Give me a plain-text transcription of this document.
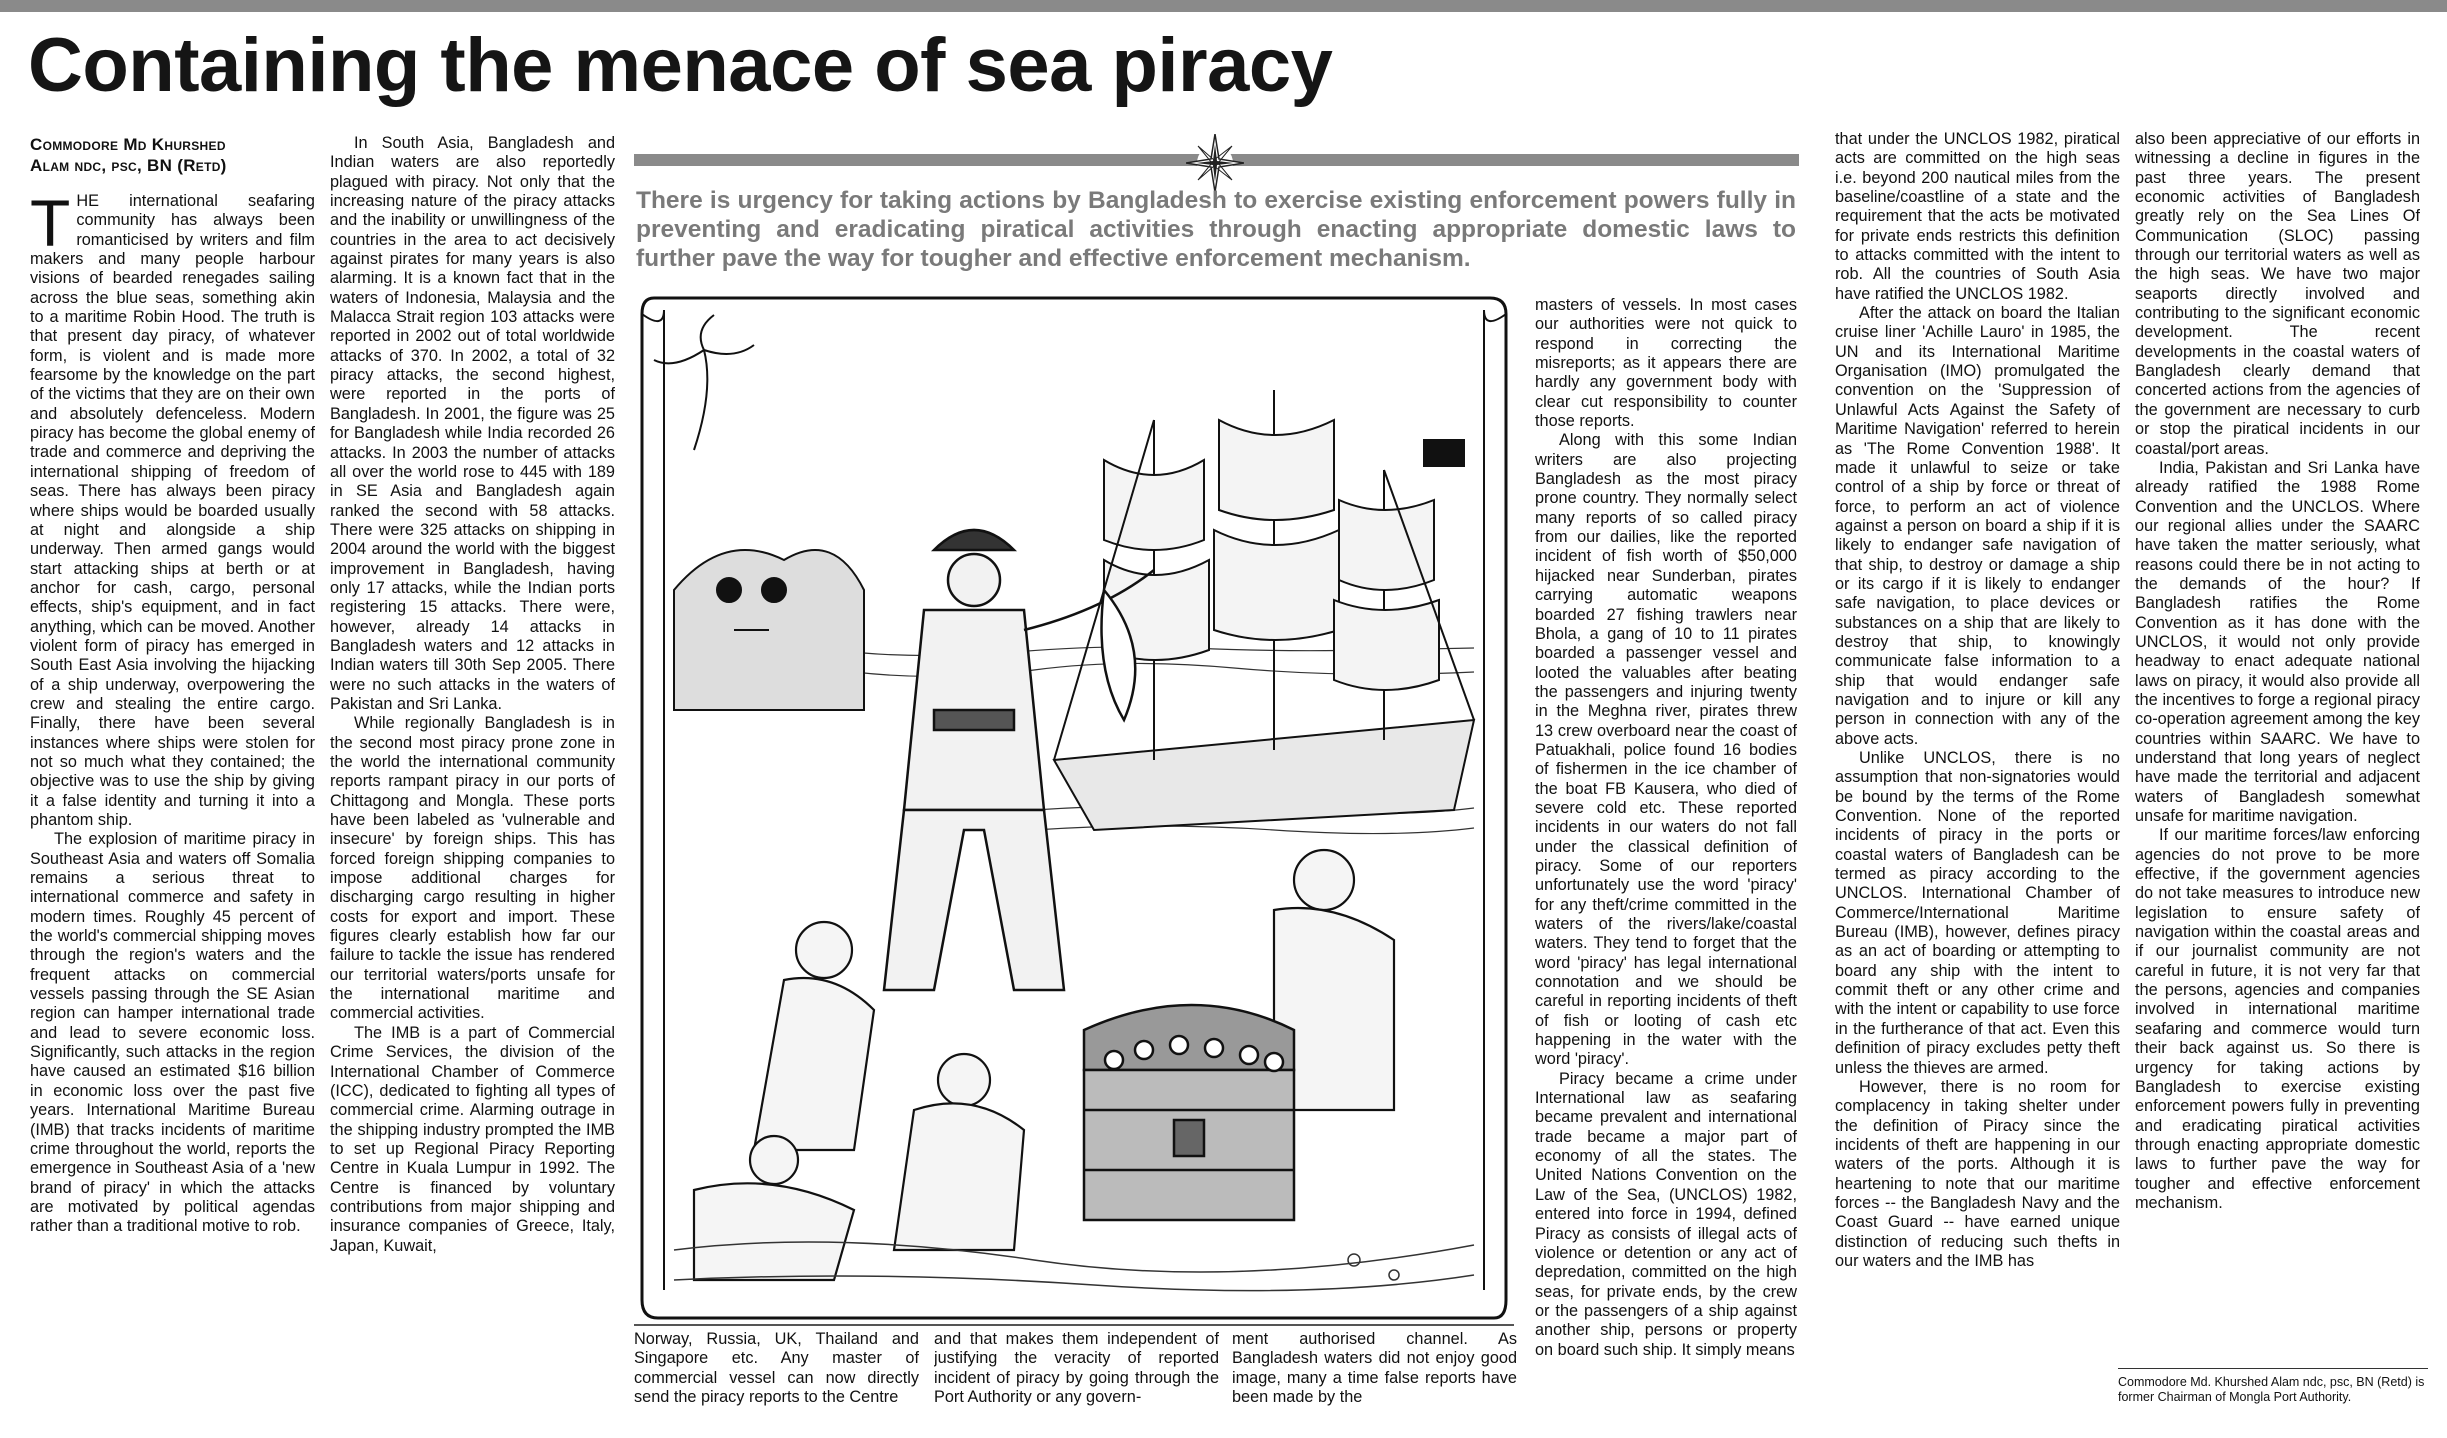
Containing the menace of sea piracy
Commodore Md Khurshed
Alam ndc, psc, BN (Retd)
T HE international seafaring community has always been romanticised by writers and film makers and many people harbour visions of bearded renegades sailing across the blue seas, something akin to a maritime Robin Hood. The truth is that present day piracy, of whatever form, is violent and is made more fearsome by the knowledge on the part of the victims that they are on their own and absolutely defenceless. Modern piracy has become the global enemy of trade and commerce and depriving the international shipping of freedom of seas. There has always been piracy where ships would be boarded usually at night and alongside a ship underway. Then armed gangs would start attacking ships at berth or at anchor for cash, cargo, personal effects, ship's equipment, and in fact anything, which can be moved. Another violent form of piracy has emerged in South East Asia involving the hijacking of a ship underway, overpowering the crew and stealing the entire cargo. Finally, there have been several instances where ships were stolen for not so much what they contained; the objective was to use the ship by giving it a false identity and turning it into a phantom ship.

The explosion of maritime piracy in Southeast Asia and waters off Somalia remains a serious threat to international commerce and safety in modern times. Roughly 45 percent of the world's commercial shipping moves through the region's waters and the frequent attacks on commercial vessels passing through the SE Asian region can hamper international trade and lead to severe economic loss. Significantly, such attacks in the region have caused an estimated $16 billion in economic loss over the past five years. International Maritime Bureau (IMB) that tracks incidents of maritime crime throughout the world, reports the emergence in Southeast Asia of a 'new brand of piracy' in which the attacks are motivated by political agendas rather than a traditional motive to rob.

In South Asia, Bangladesh and Indian waters are also reportedly plagued with piracy. Not only that the increasing nature of the piracy attacks and the inability or unwillingness of the countries in the area to act decisively against pirates for many years is also alarming. It is a known fact that in the waters of Indonesia, Malaysia and the Malacca Strait region 103 attacks were reported in 2002 out of total worldwide attacks of 370. In 2002, a total of 32 piracy attacks, the second highest, were reported in the ports of Bangladesh. In 2001, the figure was 25 for Bangladesh while India recorded 26 attacks. In 2003 the number of attacks all over the world rose to 445 with 189 in SE Asia and Bangladesh again ranked the second with 58 attacks. There were 325 attacks on shipping in 2004 around the world with the biggest improvement in Bangladesh, having only 17 attacks, while the Indian ports registering 15 attacks. There were, however, already 14 attacks in Bangladesh waters and 12 attacks in Indian waters till 30th Sep 2005. There were no such attacks in the waters of Pakistan and Sri Lanka.

While regionally Bangladesh is in the second most piracy prone zone in the world the international community reports rampant piracy in our ports of Chittagong and Mongla. These ports have been labeled as 'vulnerable and insecure' by foreign ships. This has forced foreign shipping companies to impose additional charges for discharging cargo resulting in higher costs for export and import. These figures clearly establish how far our failure to tackle the issue has rendered our territorial waters/ports unsafe for the international maritime and commercial activities.

The IMB is a part of Commercial Crime Services, the division of the International Chamber of Commerce (ICC), dedicated to fighting all types of commercial crime. Alarming outrage in the shipping industry prompted the IMB to set up Regional Piracy Reporting Centre in Kuala Lumpur in 1992. The Centre is financed by voluntary contributions from major shipping and insurance companies of Greece, Italy, Japan, Kuwait,

There is urgency for taking actions by Bangladesh to exercise existing enforcement powers fully in preventing and eradicating piratical activities through enacting appropriate domestic laws to further pave the way for tougher and effective enforcement mechanism.

Norway, Russia, UK, Thailand and Singapore etc. Any master of commercial vessel can now directly send the piracy reports to the Centre

and that makes them independent of justifying the veracity of reported incident of piracy by going through the Port Authority or any govern-

ment authorised channel. As Bangladesh waters did not enjoy good image, many a time false reports have been made by the

masters of vessels. In most cases our authorities were not quick to respond in correcting the misreports; as it appears there are hardly any government body with clear cut responsibility to counter those reports.

Along with this some Indian writers are also projecting Bangladesh as the most piracy prone country. They normally select many reports of so called piracy from our dailies, like the reported incident of fish worth of $50,000 hijacked near Sunderban, pirates carrying automatic weapons boarded 27 fishing trawlers near Bhola, a gang of 10 to 11 pirates boarded a passenger vessel and looted the valuables after beating the passengers and injuring twenty in the Meghna river, pirates threw 13 crew overboard near the coast of Patuakhali, police found 16 bodies of fishermen in the ice chamber of the boat FB Kausera, who died of severe cold etc. These reported incidents in our waters do not fall under the classical definition of piracy. Some of our reporters unfortunately use the word 'piracy' for any theft/crime committed in the waters of the rivers/lake/coastal waters. They tend to forget that the word 'piracy' has legal international connotation and we should be careful in reporting incidents of theft of fish or looting of cash etc happening in the water with the word 'piracy'.

Piracy became a crime under International law as seafaring became prevalent and international trade became a major part of economy of all the states. The United Nations Convention on the Law of the Sea, (UNCLOS) 1982, entered into force in 1994, defined Piracy as consists of illegal acts of violence or detention or any act of depredation, committed on the high seas, for private ends, by the crew or the passengers of a ship against another ship, persons or property on board such ship. It simply means

that under the UNCLOS 1982, piratical acts are committed on the high seas i.e. beyond 200 nautical miles from the baseline/coastline of a state and the requirement that the acts be motivated for private ends restricts this definition to attacks committed with the intent to rob. All the countries of South Asia have ratified the UNCLOS 1982.

After the attack on board the Italian cruise liner 'Achille Lauro' in 1985, the UN and its International Maritime Organisation (IMO) promulgated the convention on the 'Suppression of Unlawful Acts Against the Safety of Maritime Navigation' referred to herein as 'The Rome Convention 1988'. It made it unlawful to seize or take control of a ship by force or threat of force, to perform an act of violence against a person on board a ship if it is likely to endanger safe navigation of that ship, to destroy or damage a ship or its cargo if it is likely to endanger safe navigation, to place devices or substances on a ship that are likely to destroy that ship, to knowingly communicate false information to a ship that would endanger safe navigation and to injure or kill any person in connection with any of the above acts.

Unlike UNCLOS, there is no assumption that non-signatories would be bound by the terms of the Rome Convention. None of the reported incidents of piracy in the ports or coastal waters of Bangladesh can be termed as piracy according to the UNCLOS. International Chamber of Commerce/International Maritime Bureau (IMB), however, defines piracy as an act of boarding or attempting to board any ship with the intent to commit theft or any other crime and with the intent or capability to use force in the furtherance of that act. Even this definition of piracy excludes petty theft unless the thieves are armed.

However, there is no room for complacency in taking shelter under the definition of Piracy since the incidents of theft are happening in our waters of the ports. Although it is heartening to note that our maritime forces -- the Bangladesh Navy and the Coast Guard -- have earned unique distinction of reducing such thefts in our waters and the IMB has

also been appreciative of our efforts in witnessing a decline in figures in the past three years. The present economic activities of Bangladesh greatly rely on the Sea Lines Of Communication (SLOC) passing through our territorial waters as well as the high seas. We have two major seaports directly involved and contributing to the significant economic development. The recent developments in the coastal waters of Bangladesh clearly demand that concerted actions from the agencies of the government are necessary to curb or stop the piratical incidents in our coastal/port areas.

India, Pakistan and Sri Lanka have already ratified the 1988 Rome Convention and the UNCLOS. Where our regional allies under the SAARC have taken the matter seriously, what reasons could there be in not acting to the demands of the hour? If Bangladesh ratifies the Rome Convention as it has done with the UNCLOS, it would not only provide headway to enact adequate national laws on piracy, it would also provide all the incentives to forge a regional piracy co-operation agreement among the key countries within SAARC. We have to understand that long years of neglect have made the territorial and adjacent waters of Bangladesh somewhat unsafe for maritime navigation.

If our maritime forces/law enforcing agencies do not prove to be more effective, if the government agencies do not take measures to introduce new legislation to ensure safety of navigation within the coastal areas and if our journalist community are not careful in future, it is not very far that the persons, agencies and companies involved in international maritime seafaring and commerce would turn their back against us. So there is urgency for taking actions by Bangladesh to exercise existing enforcement powers fully in preventing and eradicating piratical activities through enacting appropriate domestic laws to further pave the way for tougher and effective enforcement mechanism.

Commodore Md. Khurshed Alam ndc, psc, BN (Retd) is former Chairman of Mongla Port Authority.
